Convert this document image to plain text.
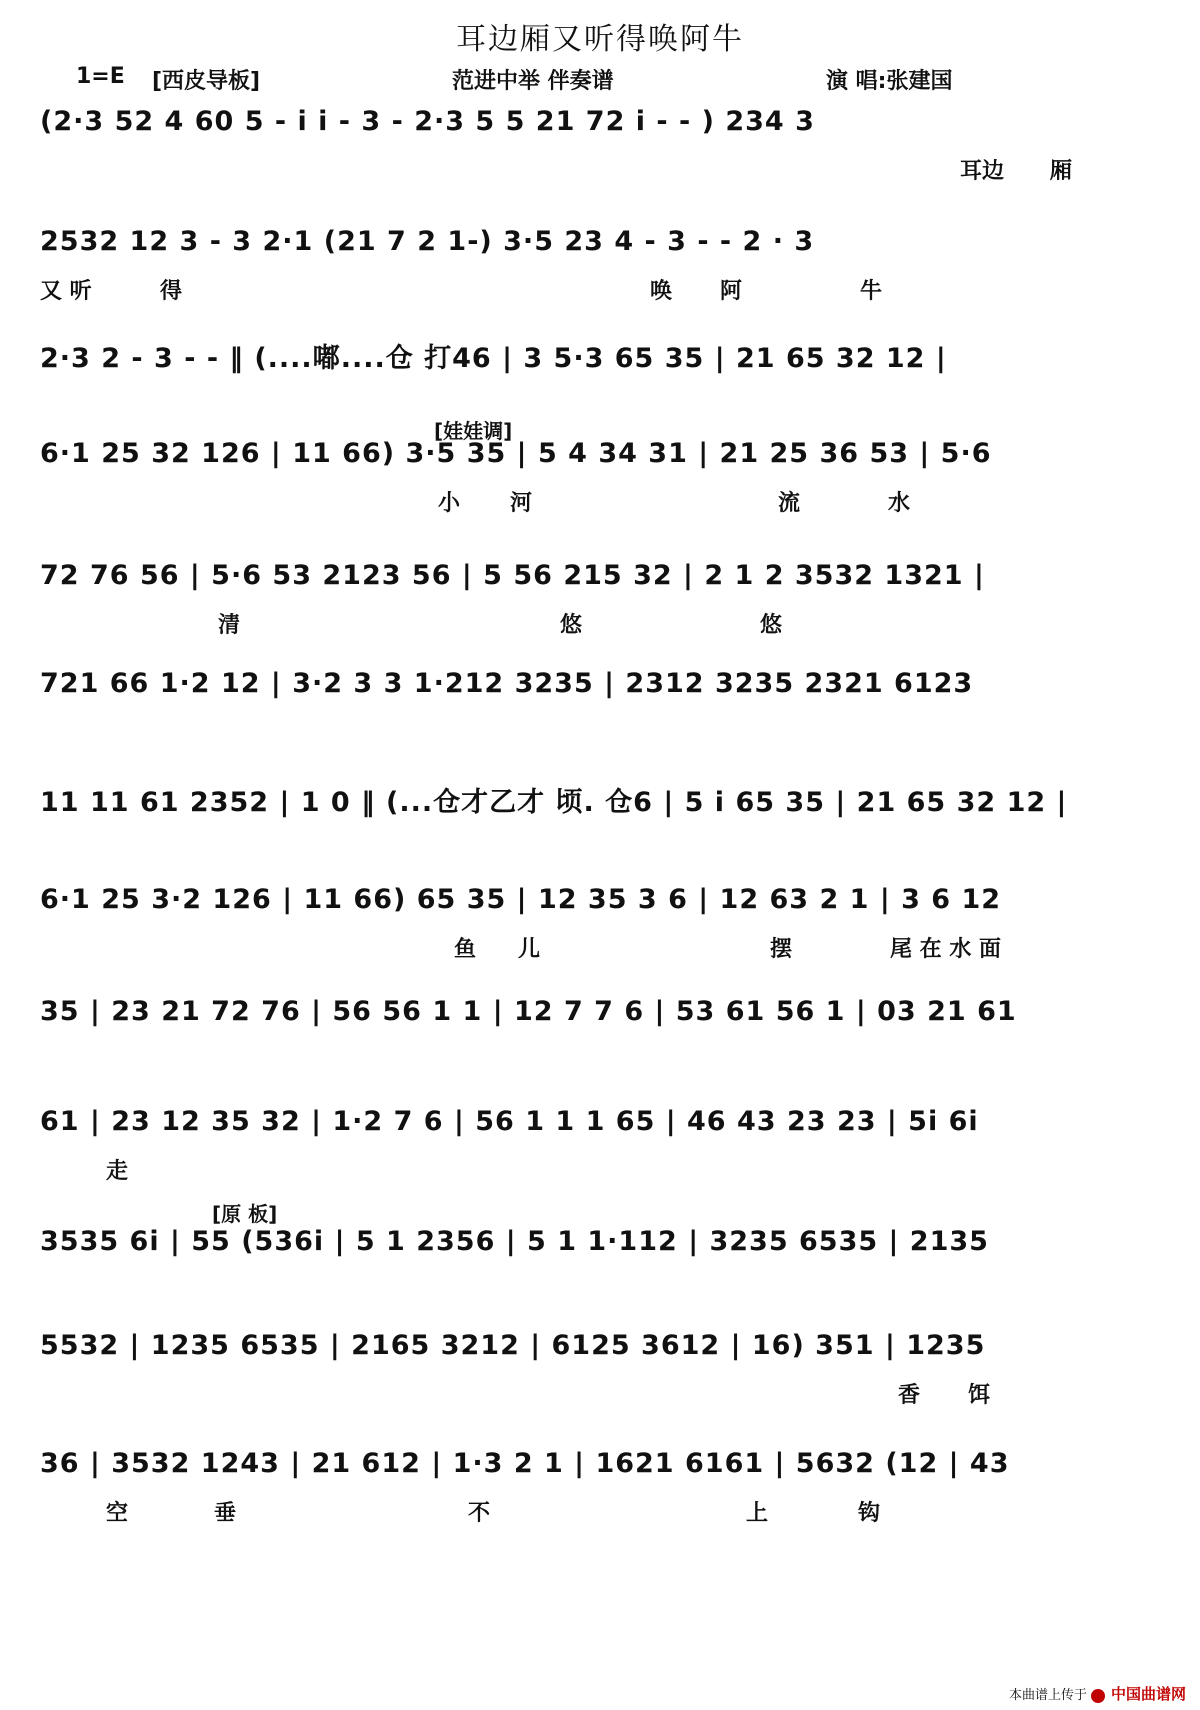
耳边厢又听得唤阿牛
1=E [西皮导板]	范进中举 伴奏谱	演 唱:张建国
[娃娃调]
[原 板]
(2·3 52 4 60 5 - i i - 3 - 2·3 5 5 21 72 i - - ) 234 3
耳边 厢
2532 12 3 - 3 2·1 (21 7 2 1-) 3·5 23 4 - 3 - - 2 · 3
又 听	得	唤 阿	牛
2·3 2 - 3 - - ‖ (....嘟....仓 打46 | 3 5·3 65 35 | 21 65 32 12 |
6·1 25 32 126 | 11 66) 3·5 35 | 5 4 34 31 | 21 25 36 53 | 5·6
小 河	流	水
72 76 56 | 5·6 53 2123 56 | 5 56 215 32 | 2 1 2 3532 1321 |
清	悠	悠
721 66 1·2 12 | 3·2 3 3 1·212 3235 | 2312 3235 2321 6123
11 11 61 2352 | 1 0 ‖ (...仓才乙才 顷. 仓6 | 5 i 65 35 | 21 65 32 12 |
6·1 25 3·2 126 | 11 66) 65 35 | 12 35 3 6 | 12 63 2 1 | 3 6 12
鱼 儿	摆	尾 在 水 面
35 | 23 21 72 76 | 56 56 1 1 | 12 7 7 6 | 53 61 56 1 | 03 21 61
61 | 23 12 35 32 | 1·2 7 6 | 56 1 1 1 65 | 46 43 23 23 | 5i 6i
走
3535 6i | 55 (536i | 5 1 2356 | 5 1 1·112 | 3235 6535 | 2135
5532 | 1235 6535 | 2165 3212 | 6125 3612 | 16) 351 | 1235
香 饵
36 | 3532 1243 | 21 612 | 1·3 2 1 | 1621 6161 | 5632 (12 | 43
空	垂	不	上	钩
本曲谱上传于 中国曲谱网
